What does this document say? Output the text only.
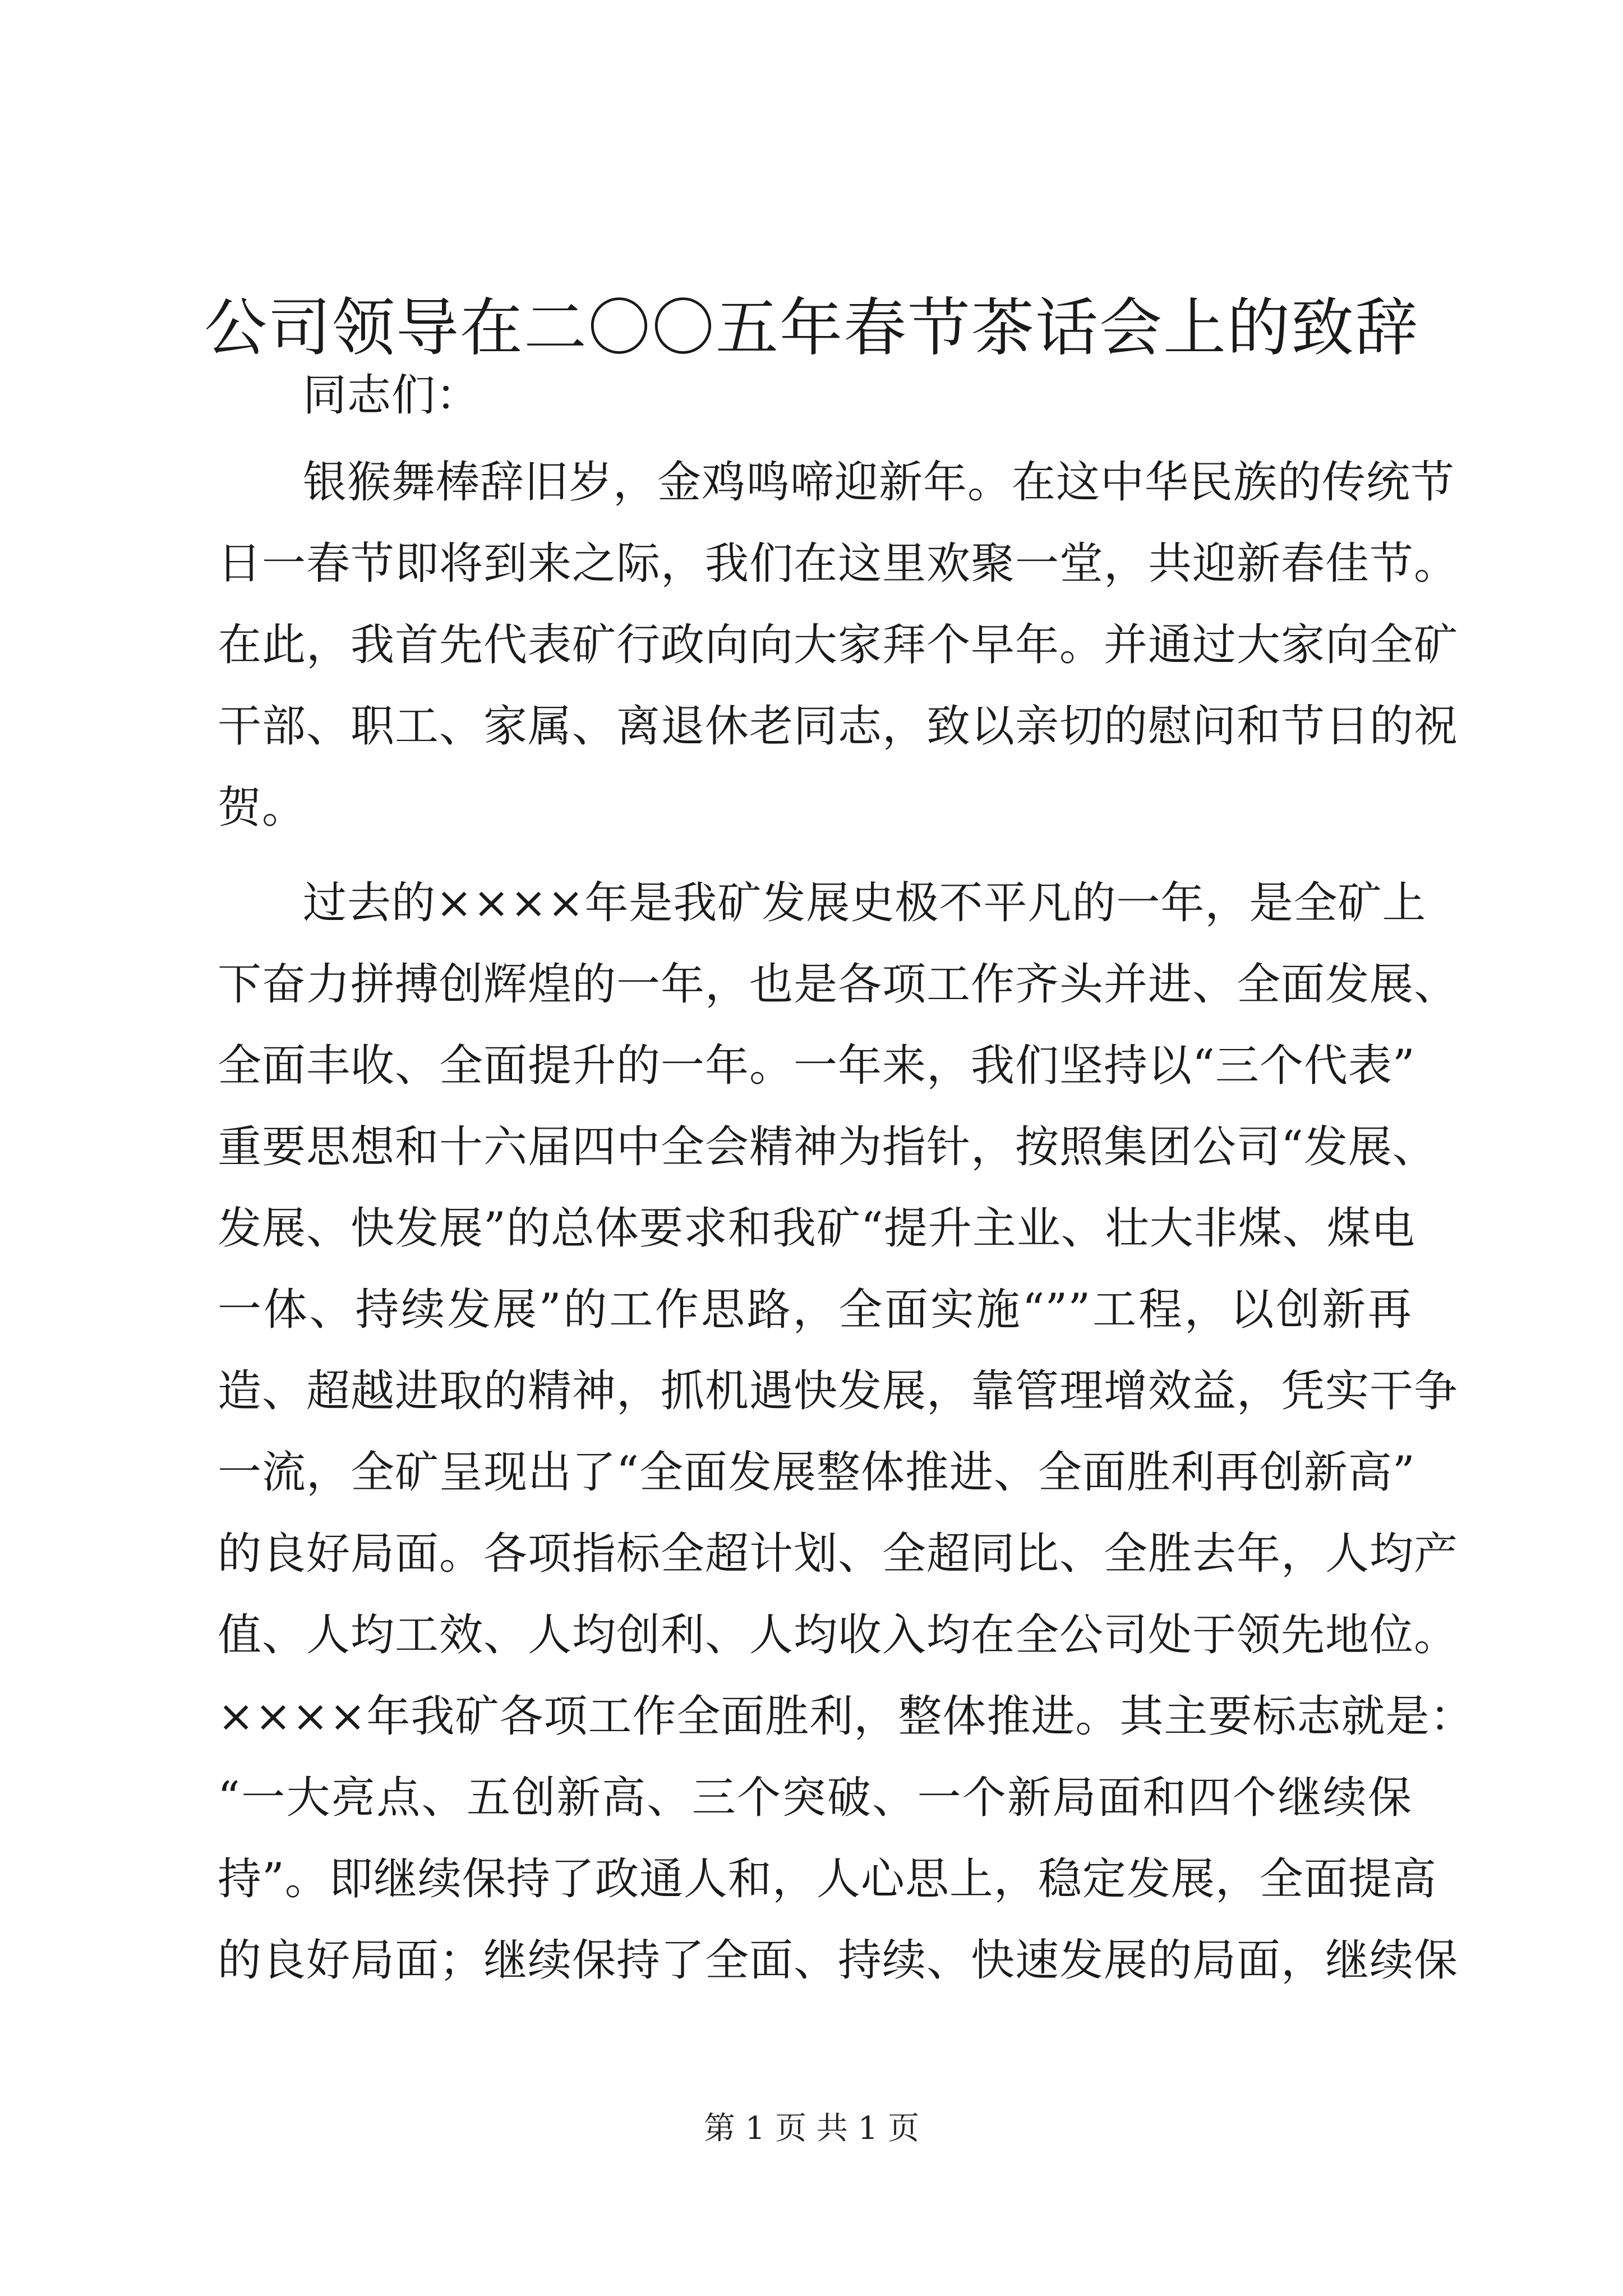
公司领导在二〇〇五年春节茶话会上的致辞
同志们：
银猴舞棒辞旧岁，金鸡鸣啼迎新年。在这中华民族的传统节
日一春节即将到来之际，我们在这里欢聚一堂，共迎新春佳节。
在此，我首先代表矿行政向向大家拜个早年。并通过大家向全矿
干部、职工、家属、离退休老同志，致以亲切的慰问和节日的祝
贺。
过去的××××年是我矿发展史极不平凡的一年，是全矿上
下奋力拼搏创辉煌的一年，也是各项工作齐头并进、全面发展、
全面丰收、全面提升的一年。一年来，我们坚持以“三个代表”
重要思想和十六届四中全会精神为指针，按照集团公司“发展、
发展、快发展”的总体要求和我矿“提升主业、壮大非煤、煤电
一体、持续发展”的工作思路，全面实施“””工程，以创新再
造、超越进取的精神，抓机遇快发展，靠管理增效益，凭实干争
一流，全矿呈现出了“全面发展整体推进、全面胜利再创新高”
的良好局面。各项指标全超计划、全超同比、全胜去年，人均产
值、人均工效、人均创利、人均收入均在全公司处于领先地位。
××××年我矿各项工作全面胜利，整体推进。其主要标志就是：
“一大亮点、五创新高、三个突破、一个新局面和四个继续保
持”。即继续保持了政通人和，人心思上，稳定发展，全面提高
的良好局面；继续保持了全面、持续、快速发展的局面，继续保
第 1 页 共 1 页
